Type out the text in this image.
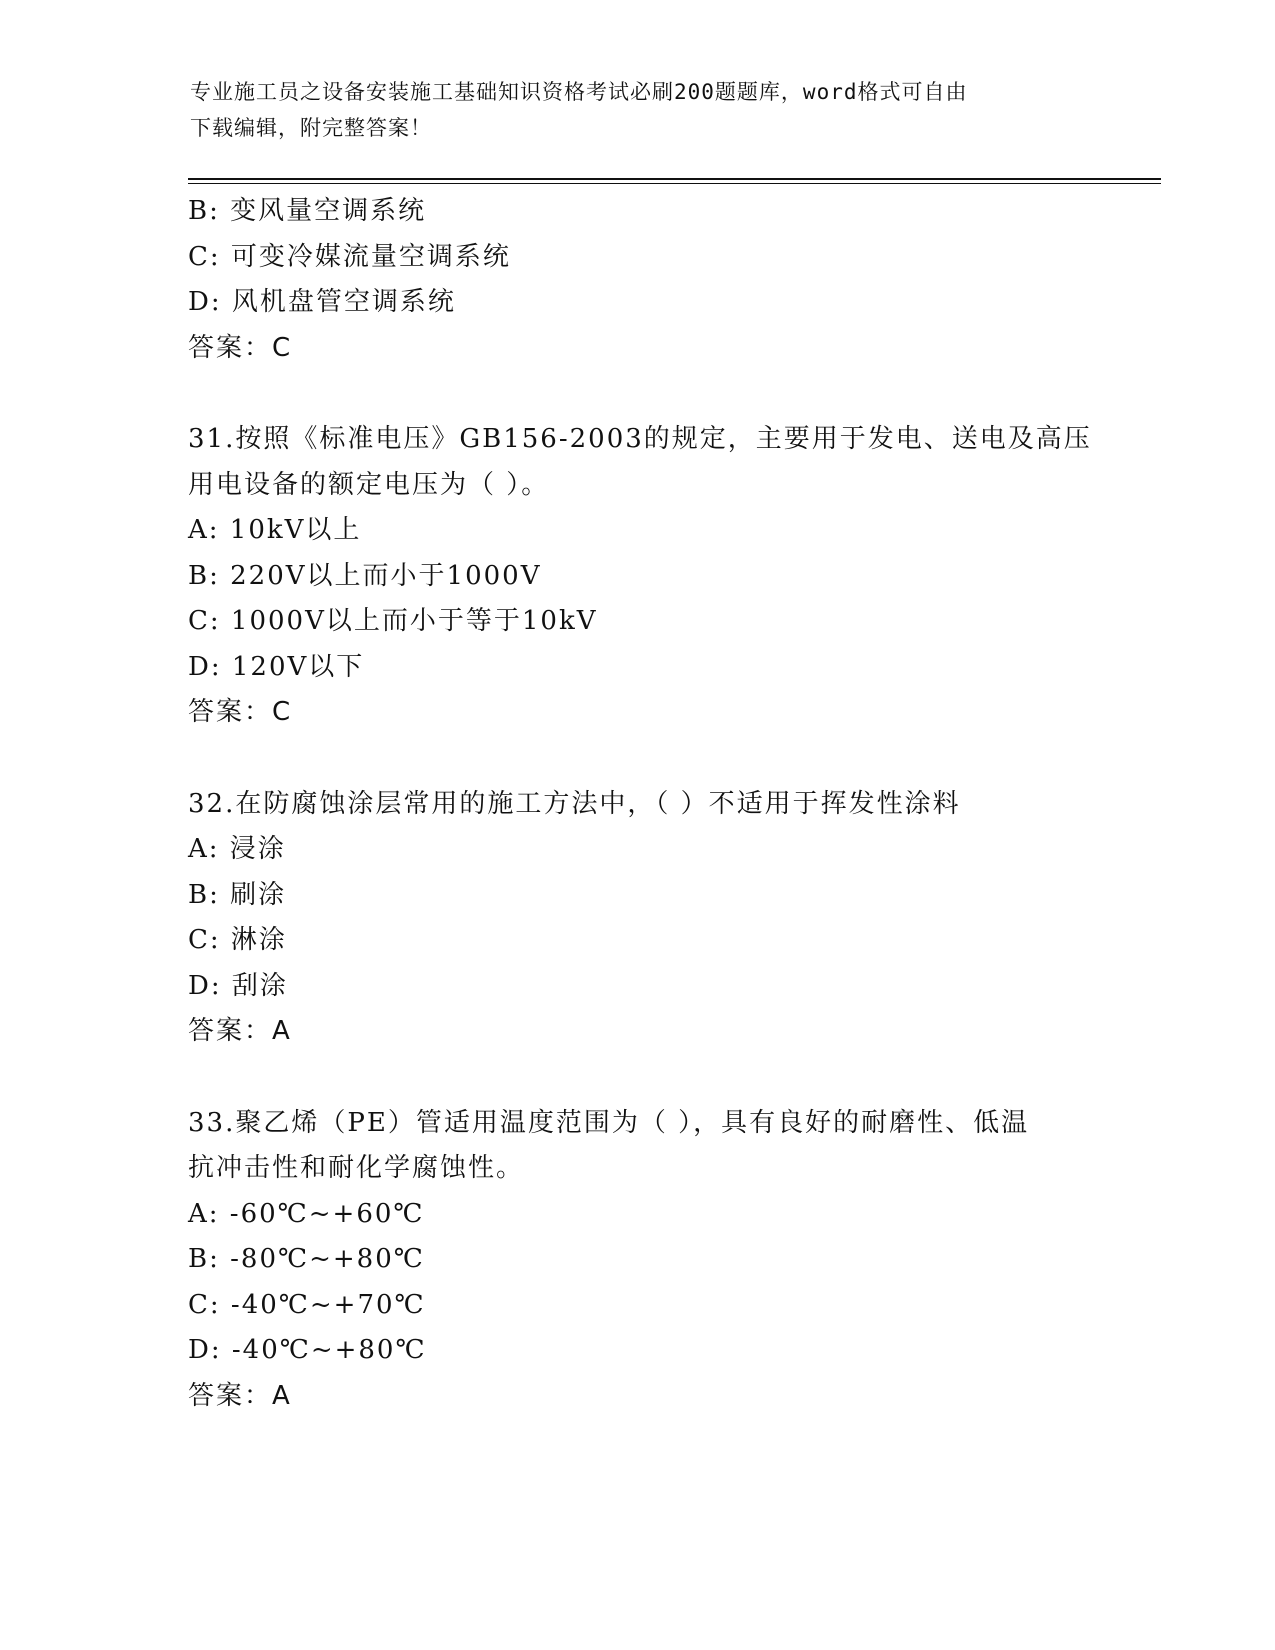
专业施工员之设备安装施工基础知识资格考试必刷200题题库，word格式可自由
下载编辑，附完整答案！
B: 变风量空调系统
C: 可变冷媒流量空调系统
D: 风机盘管空调系统
答案：C
31.按照《标准电压》GB156-2003的规定，主要用于发电、送电及高压
用电设备的额定电压为（ ）。
A: 10kV以上
B: 220V以上而小于1000V
C: 1000V以上而小于等于10kV
D: 120V以下
答案：C
32.在防腐蚀涂层常用的施工方法中，（ ）不适用于挥发性涂料
A: 浸涂
B: 刷涂
C: 淋涂
D: 刮涂
答案：A
33.聚乙烯（PE）管适用温度范围为（ ），具有良好的耐磨性、低温
抗冲击性和耐化学腐蚀性。
A: -60℃~+60℃
B: -80℃~+80℃
C: -40℃~+70℃
D: -40℃~+80℃
答案：A
